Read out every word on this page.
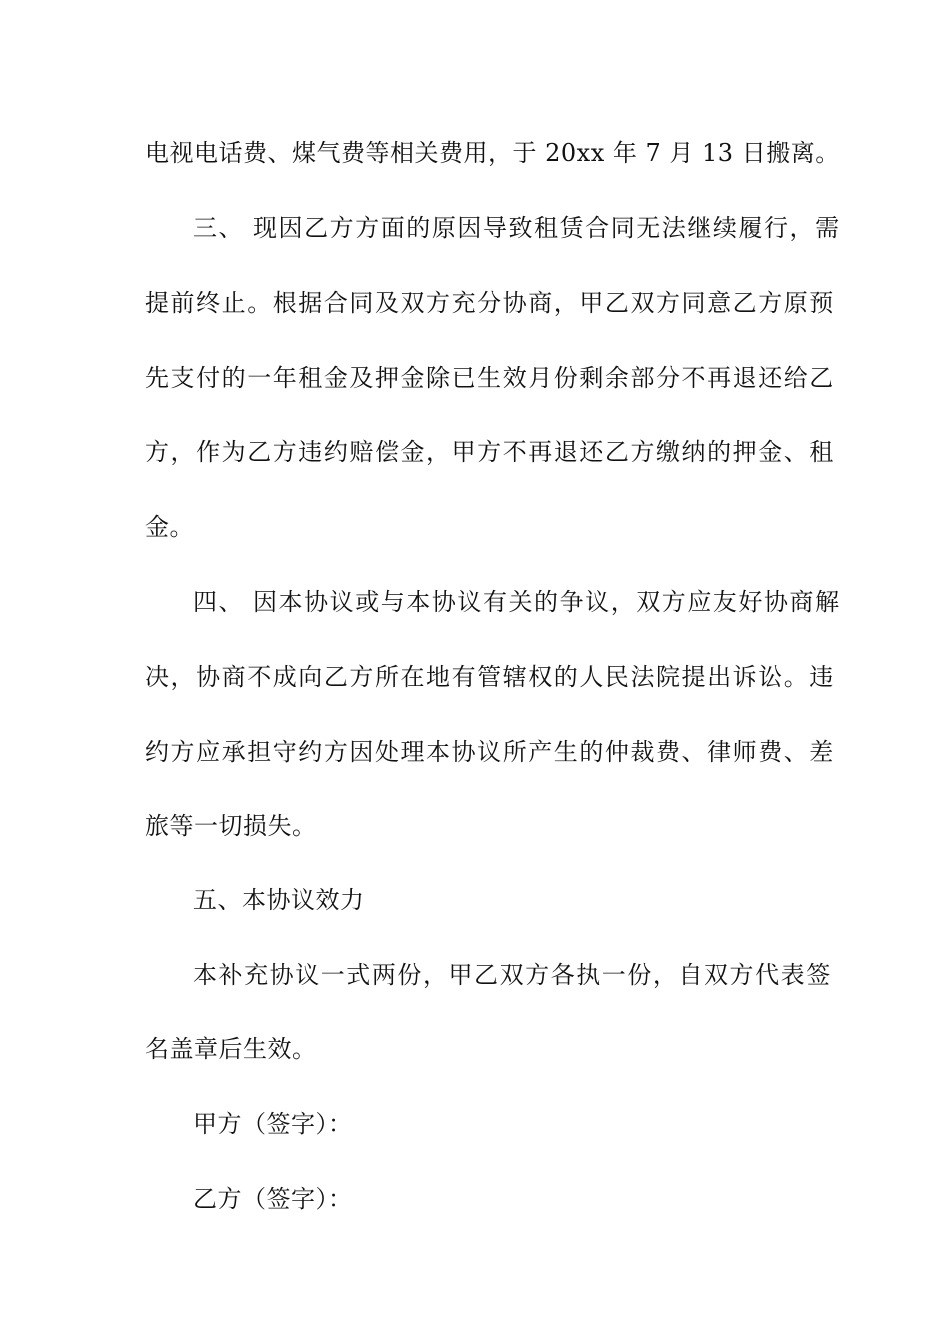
电视电话费、煤气费等相关费用，于 20xx 年 7 月 13 日搬离。
三、 现因乙方方面的原因导致租赁合同无法继续履行，需
提前终止。根据合同及双方充分协商，甲乙双方同意乙方原预
先支付的一年租金及押金除已生效月份剩余部分不再退还给乙
方，作为乙方违约赔偿金，甲方不再退还乙方缴纳的押金、租
金。
四、 因本协议或与本协议有关的争议，双方应友好协商解
决，协商不成向乙方所在地有管辖权的人民法院提出诉讼。违
约方应承担守约方因处理本协议所产生的仲裁费、律师费、差
旅等一切损失。
五、本协议效力
本补充协议一式两份，甲乙双方各执一份，自双方代表签
名盖章后生效。
甲方（签字）：
乙方（签字）：
